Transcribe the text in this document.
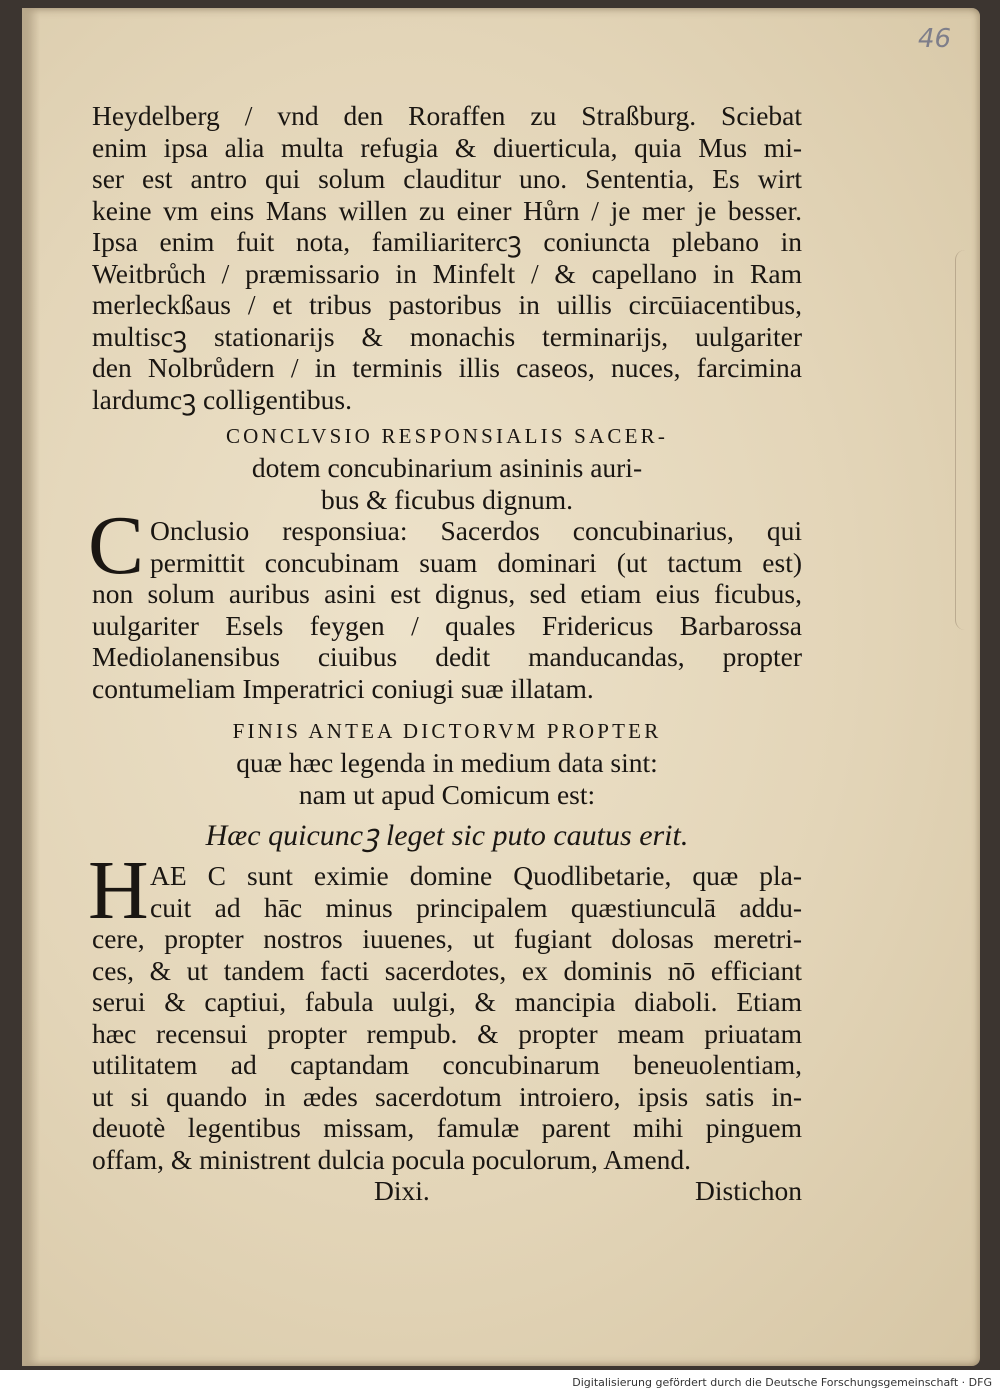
46
Heydelberg / vnd den Roraffen zu Straßburg. Sciebat
enim ipsa alia multa refugia & diuerticula, quia Mus mi-
ser est antro qui solum clauditur uno. Sententia, Es wirt
keine vm eins Mans willen zu einer Hůrn / je mer je besser.
Ipsa enim fuit nota, familiaritercꝫ coniuncta plebano in
Weitbrůch / præmissario in Minfelt / & capellano in Ram
merleckßaus / et tribus pastoribus in uillis circūiacentibus,
multiscꝫ stationarijs & monachis terminarijs, uulgariter
den Nolbrůdern / in terminis illis caseos, nuces, farcimina
lardumcꝫ colligentibus.
CONCLVSIO RESPONSIALIS SACER-
dotem concubinarium asininis auri-
bus & ficubus dignum.
C Onclusio responsiua: Sacerdos concubinarius, qui
permittit concubinam suam dominari (ut tactum est)
non solum auribus asini est dignus, sed etiam eius ficubus,
uulgariter Esels feygen / quales Fridericus Barbarossa
Mediolanensibus ciuibus dedit manducandas, propter
contumeliam Imperatrici coniugi suæ illatam.
FINIS ANTEA DICTORVM PROPTER
quæ hæc legenda in medium data sint:
nam ut apud Comicum est:
Hæc quicuncꝫ leget sic puto cautus erit.
H AE C sunt eximie domine Quodlibetarie, quæ pla-
cuit ad hāc minus principalem quæstiunculā addu-
cere, propter nostros iuuenes, ut fugiant dolosas meretri-
ces, & ut tandem facti sacerdotes, ex dominis nō efficiant
serui & captiui, fabula uulgi, & mancipia diaboli. Etiam
hæc recensui propter rempub. & propter meam priuatam
utilitatem ad captandam concubinarum beneuolentiam,
ut si quando in ædes sacerdotum introiero, ipsis satis in-
deuotè legentibus missam, famulæ parent mihi pinguem
offam, & ministrent dulcia pocula poculorum, Amend.
Dixi.	Distichon
Digitalisierung gefördert durch die Deutsche Forschungsgemeinschaft · DFG
